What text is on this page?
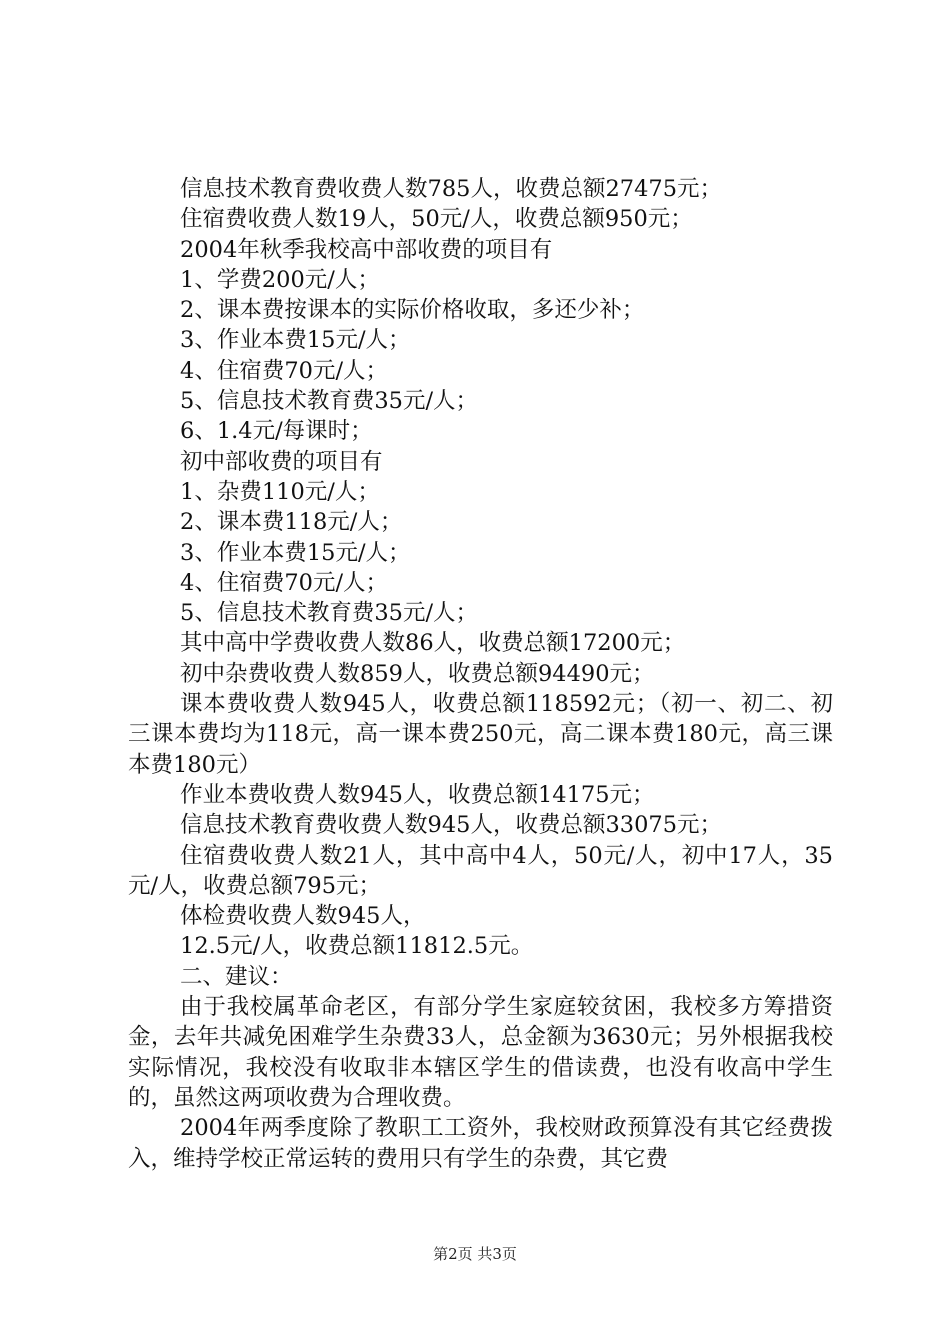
信息技术教育费收费人数785人，收费总额27475元；

住宿费收费人数19人，50元/人，收费总额950元；

2004年秋季我校高中部收费的项目有

1、学费200元/人；

2、课本费按课本的实际价格收取，多还少补；

3、作业本费15元/人；

4、住宿费70元/人；

5、信息技术教育费35元/人；

6、1.4元/每课时；

初中部收费的项目有

1、杂费110元/人；

2、课本费118元/人；

3、作业本费15元/人；

4、住宿费70元/人；

5、信息技术教育费35元/人；

其中高中学费收费人数86人，收费总额17200元；

初中杂费收费人数859人，收费总额94490元；

课本费收费人数945人，收费总额118592元；（初一、初二、初三课本费均为118元，高一课本费250元，高二课本费180元，高三课本费180元）

作业本费收费人数945人，收费总额14175元；

信息技术教育费收费人数945人，收费总额33075元；

住宿费收费人数21人，其中高中4人，50元/人，初中17人，35元/人，收费总额795元；

体检费收费人数945人，

12.5元/人，收费总额11812.5元。

二、建议：

由于我校属革命老区，有部分学生家庭较贫困，我校多方筹措资金，去年共减免困难学生杂费33人，总金额为3630元；另外根据我校实际情况，我校没有收取非本辖区学生的借读费，也没有收高中学生的，虽然这两项收费为合理收费。

2004年两季度除了教职工工资外，我校财政预算没有其它经费拨入，维持学校正常运转的费用只有学生的杂费，其它费

第2页 共3页
